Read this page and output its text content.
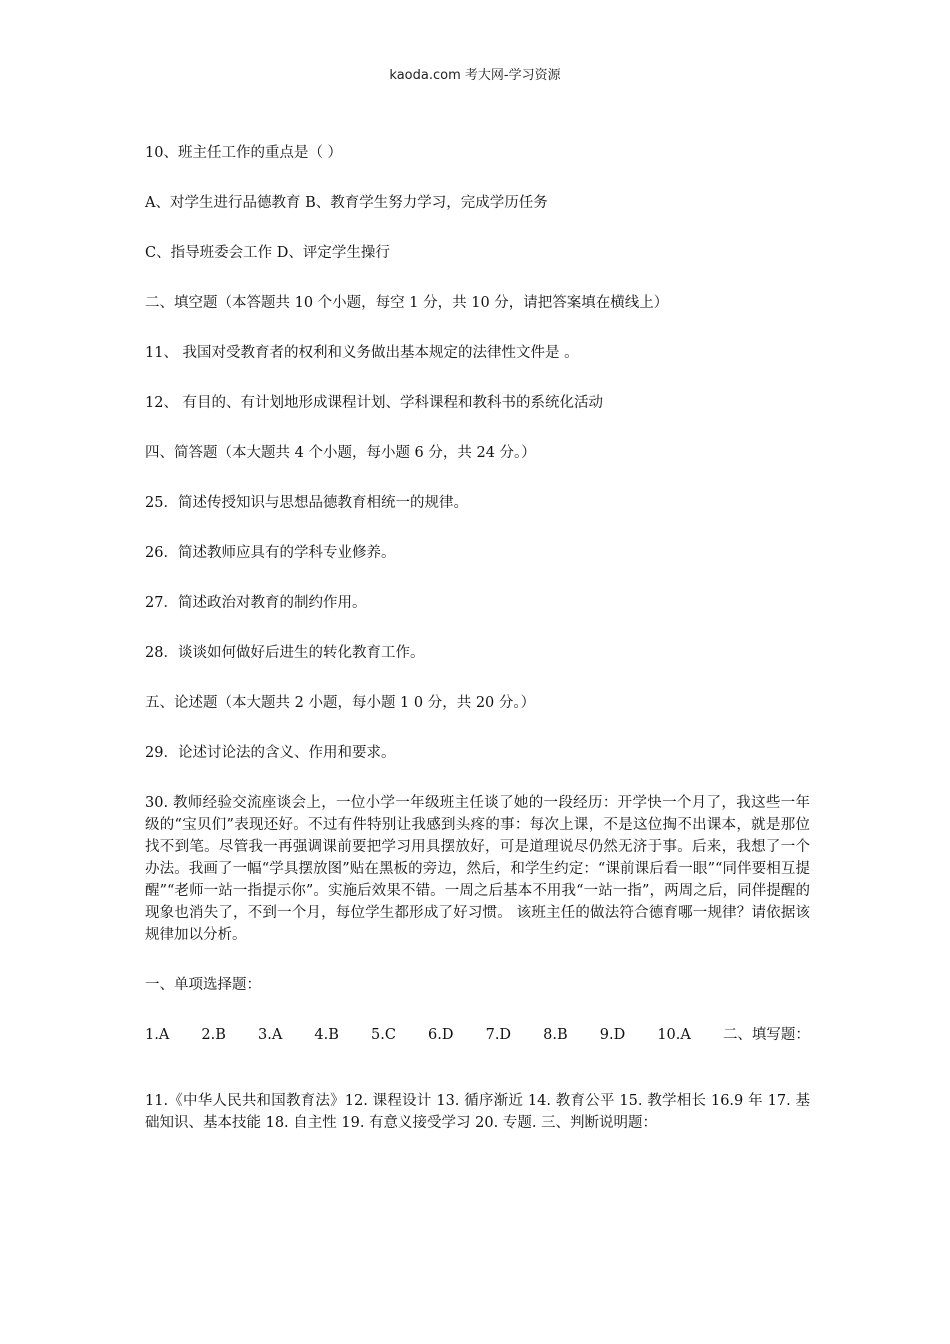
kaoda.com 考大网-学习资源

10、班主任工作的重点是（ ）

A、对学生进行品德教育 B、教育学生努力学习，完成学历任务

C、指导班委会工作 D、评定学生操行

二、填空题（本答题共 10 个小题，每空 1 分，共 10 分，请把答案填在横线上）

11、 我国对受教育者的权利和义务做出基本规定的法律性文件是 。

12、 有目的、有计划地形成课程计划、学科课程和教科书的系统化活动

四、简答题（本大题共 4 个小题，每小题 6 分，共 24 分。）

25．简述传授知识与思想品德教育相统一的规律。

26．简述教师应具有的学科专业修养。

27．简述政治对教育的制约作用。

28．谈谈如何做好后进生的转化教育工作。

五、论述题（本大题共 2 小题，每小题 1 0 分，共 20 分。）

29．论述讨论法的含义、作用和要求。

30. 教师经验交流座谈会上，一位小学一年级班主任谈了她的一段经历：开学快一个月了，我这些一年级的“宝贝们”表现还好。不过有件特别让我感到头疼的事：每次上课，不是这位掏不出课本，就是那位找不到笔。尽管我一再强调课前要把学习用具摆放好，可是道理说尽仍然无济于事。后来，我想了一个办法。我画了一幅“学具摆放图”贴在黑板的旁边，然后，和学生约定：“课前课后看一眼”“同伴要相互提醒”“老师一站一指提示你”。实施后效果不错。一周之后基本不用我“一站一指”，两周之后，同伴提醒的现象也消失了，不到一个月，每位学生都形成了好习惯。 该班主任的做法符合德育哪一规律？请依据该规律加以分析。

一、单项选择题：

1.A 2.B 3.A 4.B 5.C 6.D 7.D 8.B 9.D 10.A 二、填写题：

11.《中华人民共和国教育法》12. 课程设计 13. 循序渐近 14. 教育公平 15. 教学相长 16.9 年 17. 基础知识、基本技能 18. 自主性 19. 有意义接受学习 20. 专题. 三、判断说明题：
